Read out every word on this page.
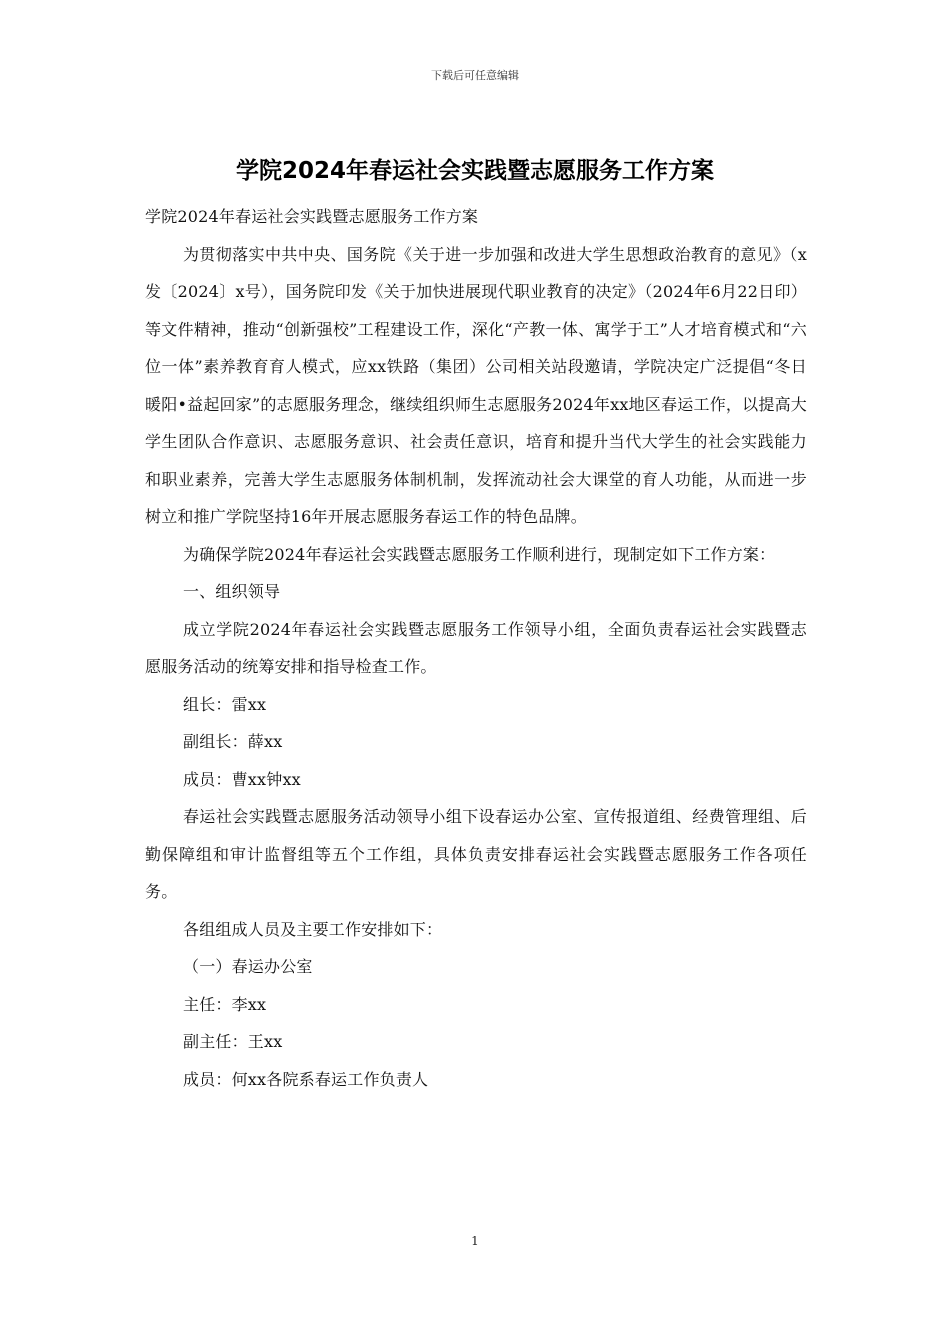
下载后可任意编辑
学院2024年春运社会实践暨志愿服务工作方案

学院2024年春运社会实践暨志愿服务工作方案

为贯彻落实中共中央、国务院《关于进一步加强和改进大学生思想政治教育的意见》（x发〔2024〕x号），国务院印发《关于加快进展现代职业教育的决定》（2024年6月22日印）等文件精神，推动“创新强校”工程建设工作，深化“产教一体、寓学于工”人才培育模式和“六位一体”素养教育育人模式，应xx铁路（集团）公司相关站段邀请，学院决定广泛提倡“冬日暖阳•益起回家”的志愿服务理念，继续组织师生志愿服务2024年xx地区春运工作，以提高大学生团队合作意识、志愿服务意识、社会责任意识，培育和提升当代大学生的社会实践能力和职业素养，完善大学生志愿服务体制机制，发挥流动社会大课堂的育人功能，从而进一步树立和推广学院坚持16年开展志愿服务春运工作的特色品牌。

为确保学院2024年春运社会实践暨志愿服务工作顺利进行，现制定如下工作方案：

一、组织领导

成立学院2024年春运社会实践暨志愿服务工作领导小组，全面负责春运社会实践暨志愿服务活动的统筹安排和指导检查工作。

组长：雷xx

副组长：薛xx

成员：曹xx钟xx

春运社会实践暨志愿服务活动领导小组下设春运办公室、宣传报道组、经费管理组、后勤保障组和审计监督组等五个工作组，具体负责安排春运社会实践暨志愿服务工作各项任务。

各组组成人员及主要工作安排如下：

（一）春运办公室

主任：李xx

副主任：王xx

成员：何xx各院系春运工作负责人

1
